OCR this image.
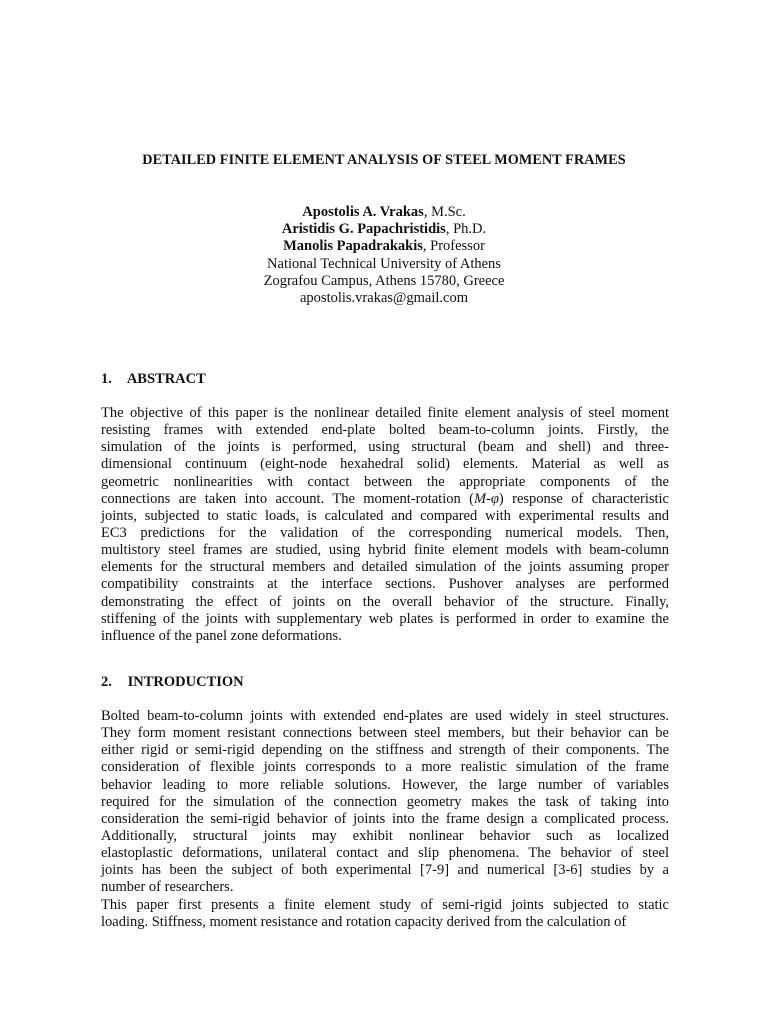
DETAILED FINITE ELEMENT ANALYSIS OF STEEL MOMENT FRAMES
Apostolis A. Vrakas, M.Sc.
Aristidis G. Papachristidis, Ph.D.
Manolis Papadrakakis, Professor
National Technical University of Athens
Zografou Campus, Athens 15780, Greece
apostolis.vrakas@gmail.com
1. ABSTRACT
The objective of this paper is the nonlinear detailed finite element analysis of steel moment
resisting frames with extended end-plate bolted beam-to-column joints. Firstly, the
simulation of the joints is performed, using structural (beam and shell) and three-
dimensional continuum (eight-node hexahedral solid) elements. Material as well as
geometric nonlinearities with contact between the appropriate components of the
connections are taken into account. The moment-rotation (M-φ) response of characteristic
joints, subjected to static loads, is calculated and compared with experimental results and
EC3 predictions for the validation of the corresponding numerical models. Then,
multistory steel frames are studied, using hybrid finite element models with beam-column
elements for the structural members and detailed simulation of the joints assuming proper
compatibility constraints at the interface sections. Pushover analyses are performed
demonstrating the effect of joints on the overall behavior of the structure. Finally,
stiffening of the joints with supplementary web plates is performed in order to examine the
influence of the panel zone deformations.
2. INTRODUCTION
Bolted beam-to-column joints with extended end-plates are used widely in steel structures.
They form moment resistant connections between steel members, but their behavior can be
either rigid or semi-rigid depending on the stiffness and strength of their components. The
consideration of flexible joints corresponds to a more realistic simulation of the frame
behavior leading to more reliable solutions. However, the large number of variables
required for the simulation of the connection geometry makes the task of taking into
consideration the semi-rigid behavior of joints into the frame design a complicated process.
Additionally, structural joints may exhibit nonlinear behavior such as localized
elastoplastic deformations, unilateral contact and slip phenomena. The behavior of steel
joints has been the subject of both experimental [7-9] and numerical [3-6] studies by a
number of researchers.
This paper first presents a finite element study of semi-rigid joints subjected to static
loading. Stiffness, moment resistance and rotation capacity derived from the calculation of
